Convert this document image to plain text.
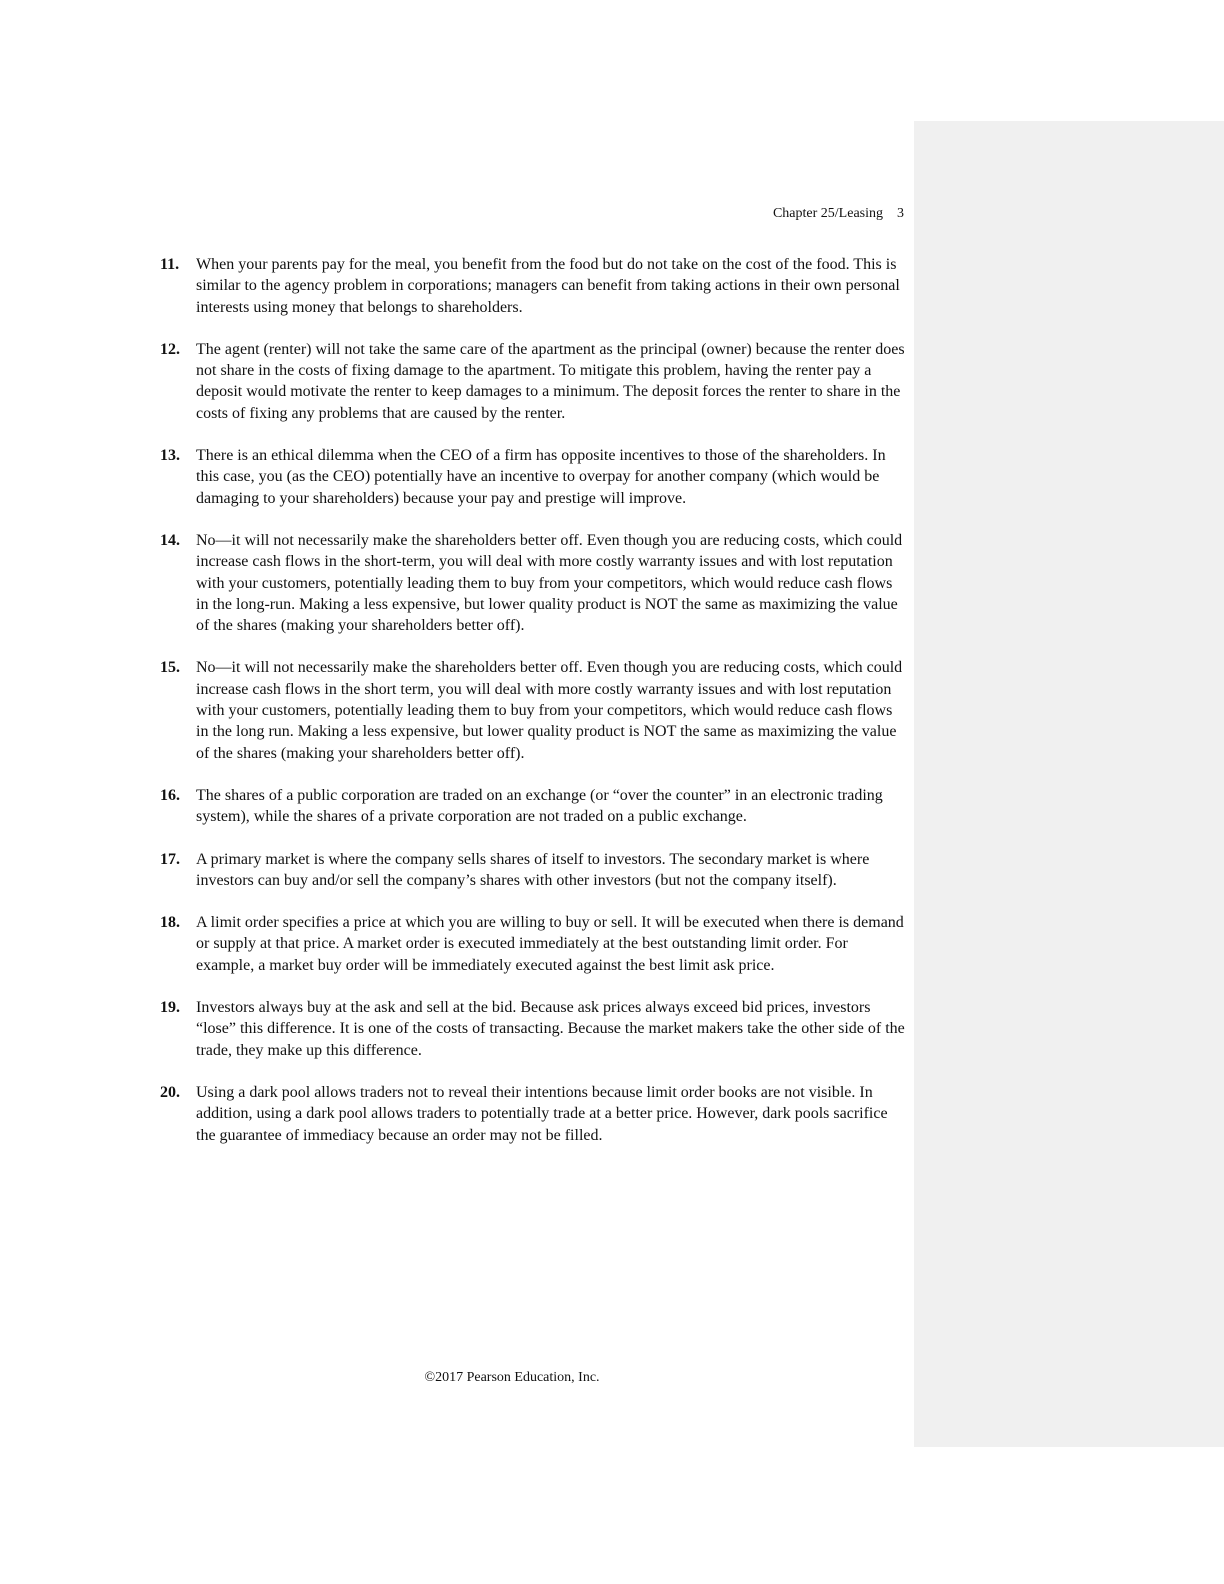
Chapter 25/Leasing 3
11. When your parents pay for the meal, you benefit from the food but do not take on the cost of the food. This is similar to the agency problem in corporations; managers can benefit from taking actions in their own personal interests using money that belongs to shareholders.
12. The agent (renter) will not take the same care of the apartment as the principal (owner) because the renter does not share in the costs of fixing damage to the apartment. To mitigate this problem, having the renter pay a deposit would motivate the renter to keep damages to a minimum. The deposit forces the renter to share in the costs of fixing any problems that are caused by the renter.
13. There is an ethical dilemma when the CEO of a firm has opposite incentives to those of the shareholders. In this case, you (as the CEO) potentially have an incentive to overpay for another company (which would be damaging to your shareholders) because your pay and prestige will improve.
14. No—it will not necessarily make the shareholders better off. Even though you are reducing costs, which could increase cash flows in the short-term, you will deal with more costly warranty issues and with lost reputation with your customers, potentially leading them to buy from your competitors, which would reduce cash flows in the long-run. Making a less expensive, but lower quality product is NOT the same as maximizing the value of the shares (making your shareholders better off).
15. No—it will not necessarily make the shareholders better off. Even though you are reducing costs, which could increase cash flows in the short term, you will deal with more costly warranty issues and with lost reputation with your customers, potentially leading them to buy from your competitors, which would reduce cash flows in the long run. Making a less expensive, but lower quality product is NOT the same as maximizing the value of the shares (making your shareholders better off).
16. The shares of a public corporation are traded on an exchange (or “over the counter” in an electronic trading system), while the shares of a private corporation are not traded on a public exchange.
17. A primary market is where the company sells shares of itself to investors. The secondary market is where investors can buy and/or sell the company’s shares with other investors (but not the company itself).
18. A limit order specifies a price at which you are willing to buy or sell. It will be executed when there is demand or supply at that price. A market order is executed immediately at the best outstanding limit order. For example, a market buy order will be immediately executed against the best limit ask price.
19. Investors always buy at the ask and sell at the bid. Because ask prices always exceed bid prices, investors “lose” this difference. It is one of the costs of transacting. Because the market makers take the other side of the trade, they make up this difference.
20. Using a dark pool allows traders not to reveal their intentions because limit order books are not visible. In addition, using a dark pool allows traders to potentially trade at a better price. However, dark pools sacrifice the guarantee of immediacy because an order may not be filled.
©2017 Pearson Education, Inc.
